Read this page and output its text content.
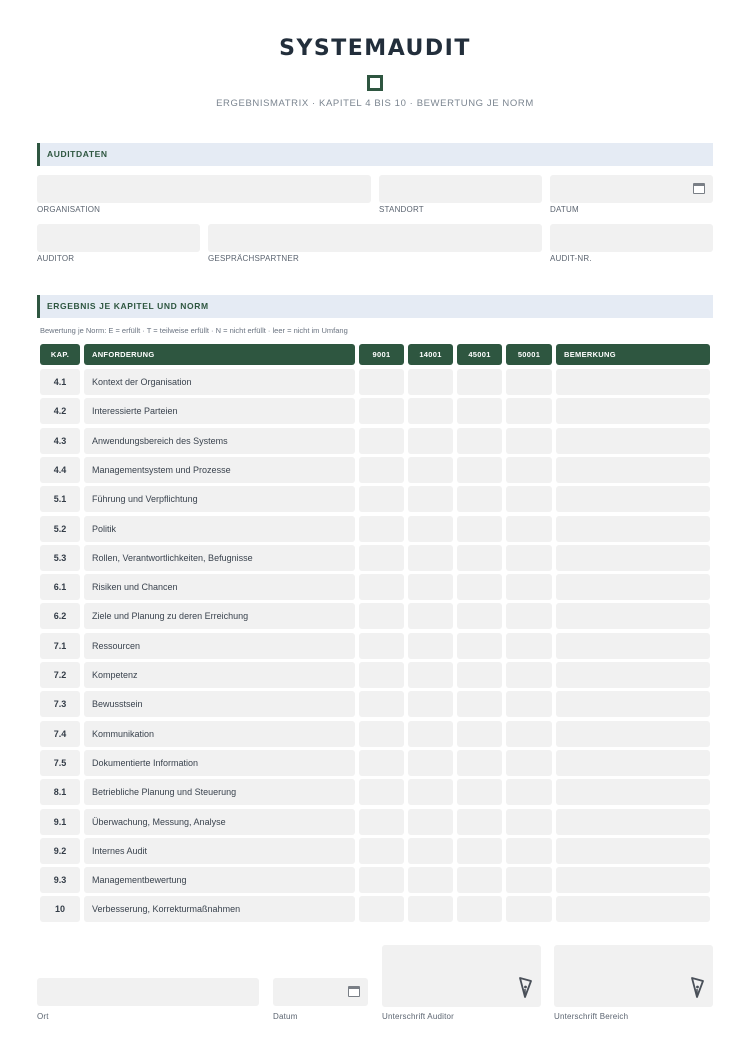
SYSTEMAUDIT
ERGEBNISMATRIX · KAPITEL 4 BIS 10 · BEWERTUNG JE NORM
AUDITDATEN
ORGANISATION	STANDORT	DATUM
AUDITOR	GESPRÄCHSPARTNER	AUDIT-NR.
ERGEBNIS JE KAPITEL UND NORM
Bewertung je Norm: E = erfüllt · T = teilweise erfüllt · N = nicht erfüllt · leer = nicht im Umfang
KAP.	ANFORDERUNG	9001	14001	45001	50001	BEMERKUNG
4.1	Kontext der Organisation
4.2	Interessierte Parteien
4.3	Anwendungsbereich des Systems
4.4	Managementsystem und Prozesse
5.1	Führung und Verpflichtung
5.2	Politik
5.3	Rollen, Verantwortlichkeiten, Befugnisse
6.1	Risiken und Chancen
6.2	Ziele und Planung zu deren Erreichung
7.1	Ressourcen
7.2	Kompetenz
7.3	Bewusstsein
7.4	Kommunikation
7.5	Dokumentierte Information
8.1	Betriebliche Planung und Steuerung
9.1	Überwachung, Messung, Analyse
9.2	Internes Audit
9.3	Managementbewertung
10	Verbesserung, Korrekturmaßnahmen
Ort	Datum	Unterschrift Auditor	Unterschrift Bereich
